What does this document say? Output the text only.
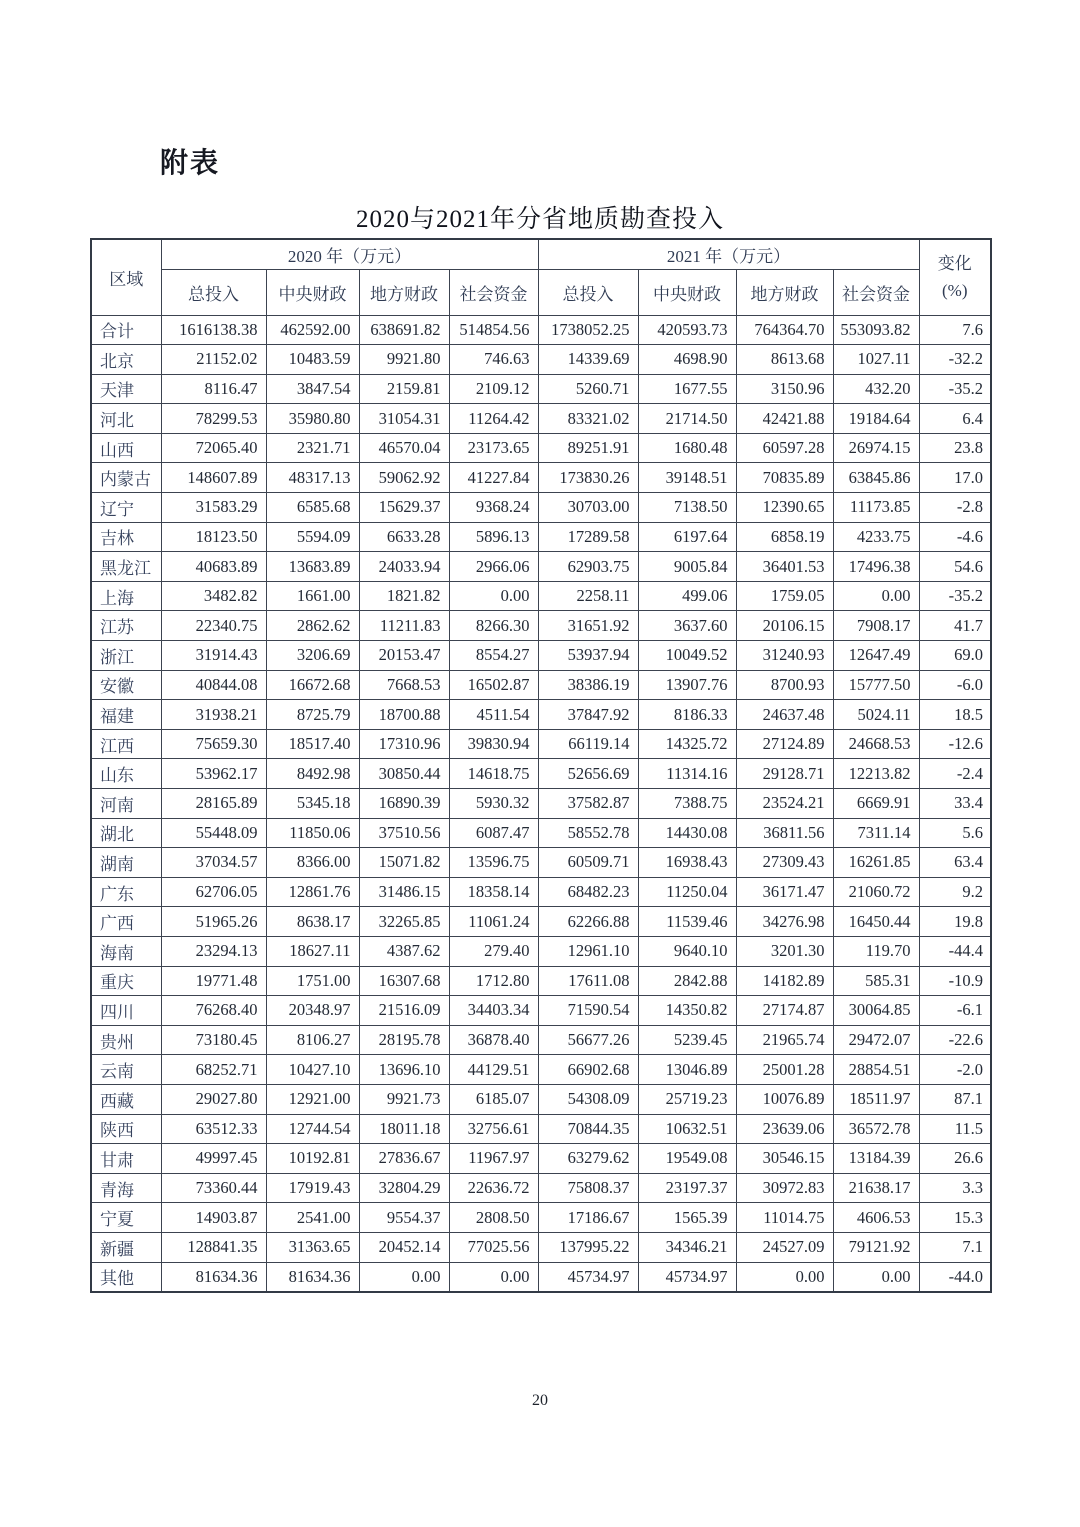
附表
2020与2021年分省地质勘查投入
区域	2020 年（万元）				2021 年（万元）				变化
(%)

	总投入	中央财政	地方财政	社会资金	总投入	中央财政	地方财政	社会资金	
合计	1616138.38	462592.00	638691.82	514854.56	1738052.25	420593.73	764364.70	553093.82	7.6
北京	21152.02	10483.59	9921.80	746.63	14339.69	4698.90	8613.68	1027.11	-32.2
天津	8116.47	3847.54	2159.81	2109.12	5260.71	1677.55	3150.96	432.20	-35.2
河北	78299.53	35980.80	31054.31	11264.42	83321.02	21714.50	42421.88	19184.64	6.4
山西	72065.40	2321.71	46570.04	23173.65	89251.91	1680.48	60597.28	26974.15	23.8
内蒙古	148607.89	48317.13	59062.92	41227.84	173830.26	39148.51	70835.89	63845.86	17.0
辽宁	31583.29	6585.68	15629.37	9368.24	30703.00	7138.50	12390.65	11173.85	-2.8
吉林	18123.50	5594.09	6633.28	5896.13	17289.58	6197.64	6858.19	4233.75	-4.6
黑龙江	40683.89	13683.89	24033.94	2966.06	62903.75	9005.84	36401.53	17496.38	54.6
上海	3482.82	1661.00	1821.82	0.00	2258.11	499.06	1759.05	0.00	-35.2
江苏	22340.75	2862.62	11211.83	8266.30	31651.92	3637.60	20106.15	7908.17	41.7
浙江	31914.43	3206.69	20153.47	8554.27	53937.94	10049.52	31240.93	12647.49	69.0
安徽	40844.08	16672.68	7668.53	16502.87	38386.19	13907.76	8700.93	15777.50	-6.0
福建	31938.21	8725.79	18700.88	4511.54	37847.92	8186.33	24637.48	5024.11	18.5
江西	75659.30	18517.40	17310.96	39830.94	66119.14	14325.72	27124.89	24668.53	-12.6
山东	53962.17	8492.98	30850.44	14618.75	52656.69	11314.16	29128.71	12213.82	-2.4
河南	28165.89	5345.18	16890.39	5930.32	37582.87	7388.75	23524.21	6669.91	33.4
湖北	55448.09	11850.06	37510.56	6087.47	58552.78	14430.08	36811.56	7311.14	5.6
湖南	37034.57	8366.00	15071.82	13596.75	60509.71	16938.43	27309.43	16261.85	63.4
广东	62706.05	12861.76	31486.15	18358.14	68482.23	11250.04	36171.47	21060.72	9.2
广西	51965.26	8638.17	32265.85	11061.24	62266.88	11539.46	34276.98	16450.44	19.8
海南	23294.13	18627.11	4387.62	279.40	12961.10	9640.10	3201.30	119.70	-44.4
重庆	19771.48	1751.00	16307.68	1712.80	17611.08	2842.88	14182.89	585.31	-10.9
四川	76268.40	20348.97	21516.09	34403.34	71590.54	14350.82	27174.87	30064.85	-6.1
贵州	73180.45	8106.27	28195.78	36878.40	56677.26	5239.45	21965.74	29472.07	-22.6
云南	68252.71	10427.10	13696.10	44129.51	66902.68	13046.89	25001.28	28854.51	-2.0
西藏	29027.80	12921.00	9921.73	6185.07	54308.09	25719.23	10076.89	18511.97	87.1
陕西	63512.33	12744.54	18011.18	32756.61	70844.35	10632.51	23639.06	36572.78	11.5
甘肃	49997.45	10192.81	27836.67	11967.97	63279.62	19549.08	30546.15	13184.39	26.6
青海	73360.44	17919.43	32804.29	22636.72	75808.37	23197.37	30972.83	21638.17	3.3
宁夏	14903.87	2541.00	9554.37	2808.50	17186.67	1565.39	11014.75	4606.53	15.3
新疆	128841.35	31363.65	20452.14	77025.56	137995.22	34346.21	24527.09	79121.92	7.1
其他	81634.36	81634.36	0.00	0.00	45734.97	45734.97	0.00	0.00	-44.0
20
